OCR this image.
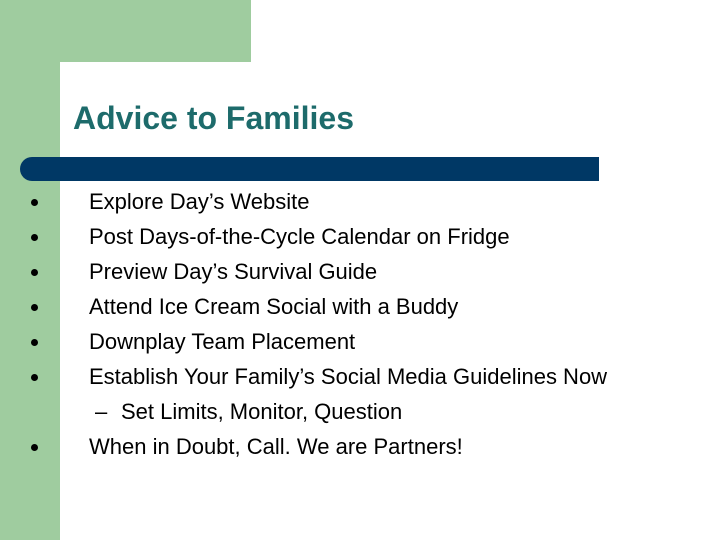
Advice to Families
Explore Day’s Website
Post Days-of-the-Cycle Calendar on Fridge
Preview Day’s Survival Guide
Attend Ice Cream Social with a Buddy
Downplay Team Placement
Establish Your Family’s Social Media Guidelines Now
– Set Limits, Monitor, Question
When in Doubt, Call. We are Partners!
